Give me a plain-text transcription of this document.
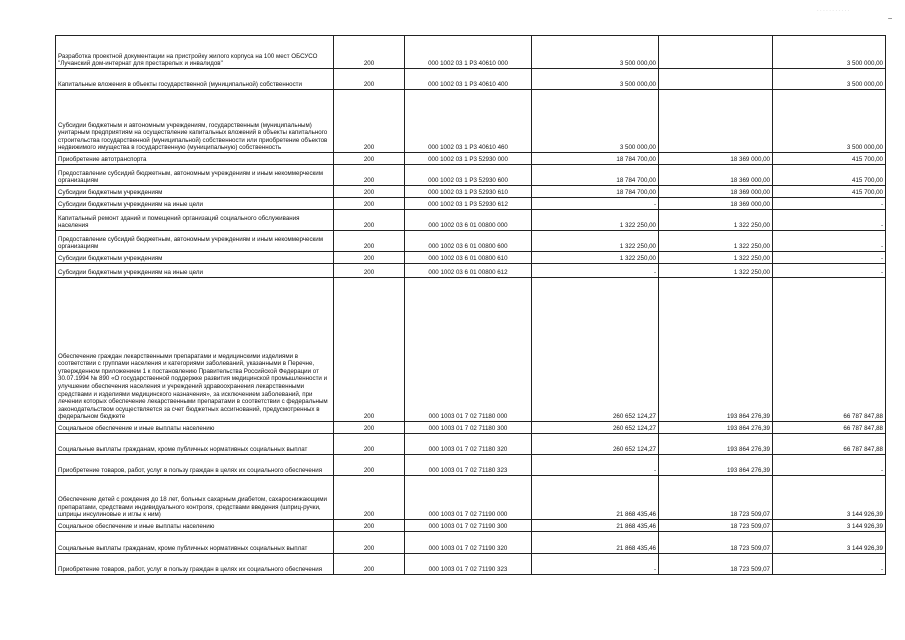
· · · · · · · · · · ·
–
Разработка проектной документации на пристройку жилого корпуса на 100 мест ОБСУСО "Лучанский дом-интернат для престарелых и инвалидов"	200	000 1002 03 1 P3 40610 000	3 500 000,00		3 500 000,00
Капитальные вложения в объекты государственной (муниципальной) собственности	200	000 1002 03 1 P3 40610 400	3 500 000,00		3 500 000,00
Субсидии бюджетным и автономным учреждениям, государственным (муниципальным) унитарным предприятиям на осуществление капитальных вложений в объекты капитального строительства государственной (муниципальной) собственности или приобретение объектов недвижимого имущества в государственную (муниципальную) собственность	200	000 1002 03 1 P3 40610 460	3 500 000,00		3 500 000,00
Приобретение автотранспорта	200	000 1002 03 1 P3 52930 000	18 784 700,00	18 369 000,00	415 700,00
Предоставление субсидий бюджетным, автономным учреждениям и иным некоммерческим организациям	200	000 1002 03 1 P3 52930 600	18 784 700,00	18 369 000,00	415 700,00
Субсидии бюджетным учреждениям	200	000 1002 03 1 P3 52930 610	18 784 700,00	18 369 000,00	415 700,00
Субсидии бюджетным учреждениям на иные цели	200	000 1002 03 1 P3 52930 612	-	18 369 000,00	-
Капитальный ремонт зданий и помещений организаций социального обслуживания населения	200	000 1002 03 6 01 00800 000	1 322 250,00	1 322 250,00	-
Предоставление субсидий бюджетным, автономным учреждениям и иным некоммерческим организациям	200	000 1002 03 6 01 00800 600	1 322 250,00	1 322 250,00	-
Субсидии бюджетным учреждениям	200	000 1002 03 6 01 00800 610	1 322 250,00	1 322 250,00	-
Субсидии бюджетным учреждениям на иные цели	200	000 1002 03 6 01 00800 612	-	1 322 250,00	-
Обеспечение граждан лекарственными препаратами и медицинскими изделиями в соответствии с группами населения и категориями заболеваний, указанными в Перечне, утвержденном приложением 1 к постановлению Правительства Российской Федерации от 30.07.1994 № 890 «О государственной поддержке развития медицинской промышленности и улучшении обеспечения населения и учреждений здравоохранения лекарственными средствами и изделиями медицинского назначения», за исключением заболеваний, при лечении которых обеспечение лекарственными препаратами в соответствии с федеральным законодательством осуществляется за счет бюджетных ассигнований, предусмотренных в федеральном бюджете	200	000 1003 01 7 02 71180 000	260 652 124,27	193 864 276,39	66 787 847,88
Социальное обеспечение и иные выплаты населению	200	000 1003 01 7 02 71180 300	260 652 124,27	193 864 276,39	66 787 847,88
Социальные выплаты гражданам, кроме публичных нормативных социальных выплат	200	000 1003 01 7 02 71180 320	260 652 124,27	193 864 276,39	66 787 847,88
Приобретение товаров, работ, услуг в пользу граждан в целях их социального обеспечения	200	000 1003 01 7 02 71180 323	-	193 864 276,39	-
Обеспечение детей с рождения до 18 лет, больных сахарным диабетом, сахароснижающими препаратами, средствами индивидуального контроля, средствами введения (шприц-ручки, шприцы инсулиновые и иглы к ним)	200	000 1003 01 7 02 71190 000	21 868 435,46	18 723 509,07	3 144 926,39
Социальное обеспечение и иные выплаты населению	200	000 1003 01 7 02 71190 300	21 868 435,46	18 723 509,07	3 144 926,39
Социальные выплаты гражданам, кроме публичных нормативных социальных выплат	200	000 1003 01 7 02 71190 320	21 868 435,46	18 723 509,07	3 144 926,39
Приобретение товаров, работ, услуг в пользу граждан в целях их социального обеспечения	200	000 1003 01 7 02 71190 323	-	18 723 509,07	-
